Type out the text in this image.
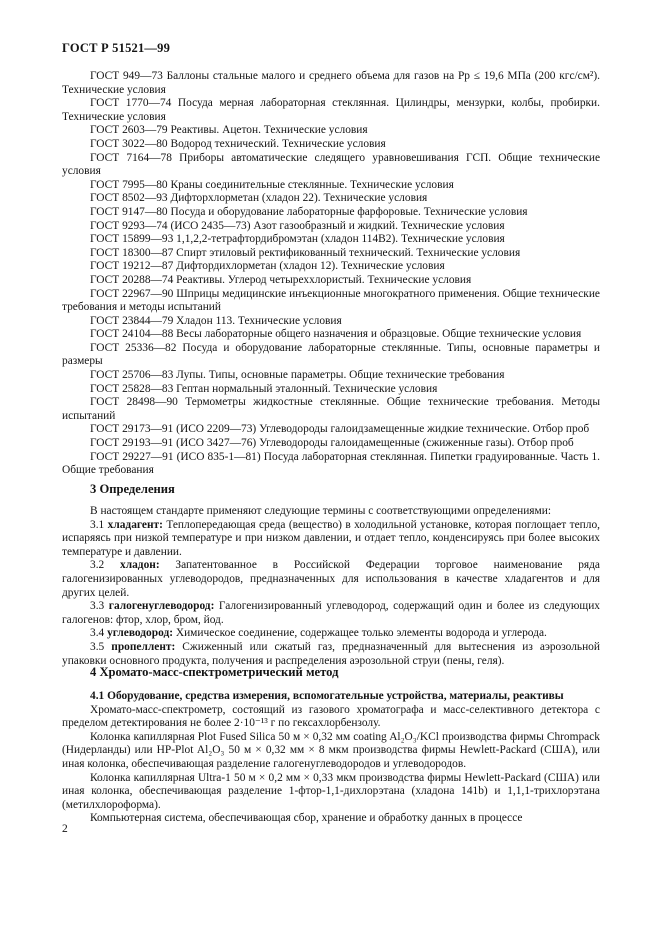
ГОСТ Р 51521—99

ГОСТ 949—73 Баллоны стальные малого и среднего объема для газов на Pр ≤ 19,6 МПа (200 кгс/см²). Технические условия

ГОСТ 1770—74 Посуда мерная лабораторная стеклянная. Цилиндры, мензурки, колбы, пробирки. Технические условия

ГОСТ 2603—79 Реактивы. Ацетон. Технические условия

ГОСТ 3022—80 Водород технический. Технические условия

ГОСТ 7164—78 Приборы автоматические следящего уравновешивания ГСП. Общие технические условия

ГОСТ 7995—80 Краны соединительные стеклянные. Технические условия

ГОСТ 8502—93 Дифторхлорметан (хладон 22). Технические условия

ГОСТ 9147—80 Посуда и оборудование лабораторные фарфоровые. Технические условия

ГОСТ 9293—74 (ИСО 2435—73) Азот газообразный и жидкий. Технические условия

ГОСТ 15899—93 1,1,2,2-тетрафтордибромэтан (хладон 114В2). Технические условия

ГОСТ 18300—87 Спирт этиловый ректификованный технический. Технические условия

ГОСТ 19212—87 Дифтордихлорметан (хладон 12). Технические условия

ГОСТ 20288—74 Реактивы. Углерод четыреххлористый. Технические условия

ГОСТ 22967—90 Шприцы медицинские инъекционные многократного применения. Общие технические требования и методы испытаний

ГОСТ 23844—79 Хладон 113. Технические условия

ГОСТ 24104—88 Весы лабораторные общего назначения и образцовые. Общие технические условия

ГОСТ 25336—82 Посуда и оборудование лабораторные стеклянные. Типы, основные параметры и размеры

ГОСТ 25706—83 Лупы. Типы, основные параметры. Общие технические требования

ГОСТ 25828—83 Гептан нормальный эталонный. Технические условия

ГОСТ 28498—90 Термометры жидкостные стеклянные. Общие технические требования. Методы испытаний

ГОСТ 29173—91 (ИСО 2209—73) Углеводороды галоидзамещенные жидкие технические. Отбор проб

ГОСТ 29193—91 (ИСО 3427—76) Углеводороды галоидамещенные (сжиженные газы). Отбор проб

ГОСТ 29227—91 (ИСО 835-1—81) Посуда лабораторная стеклянная. Пипетки градуированные. Часть 1. Общие требования

3 Определения

В настоящем стандарте применяют следующие термины с соответствующими определениями:

3.1 хладагент: Теплопередающая среда (вещество) в холодильной установке, которая поглощает тепло, испаряясь при низкой температуре и при низком давлении, и отдает тепло, конденсируясь при более высоких температуре и давлении.

3.2 хладон: Запатентованное в Российской Федерации торговое наименование ряда галогенизированных углеводородов, предназначенных для использования в качестве хладагентов и для других целей.

3.3 галогенуглеводород: Галогенизированный углеводород, содержащий один и более из следующих галогенов: фтор, хлор, бром, йод.

3.4 углеводород: Химическое соединение, содержащее только элементы водорода и углерода.

3.5 пропеллент: Сжиженный или сжатый газ, предназначенный для вытеснения из аэрозольной упаковки основного продукта, получения и распределения аэрозольной струи (пены, геля).

4 Хромато-масс-спектрометрический метод

4.1 Оборудование, средства измерения, вспомогательные устройства, материалы, реактивы

Хромато-масс-спектрометр, состоящий из газового хроматографа и масс-селективного детектора с пределом детектирования не более 2·10⁻¹³ г по гексахлорбензолу.

Колонка капиллярная Plot Fused Silica 50 м × 0,32 мм coating Al₂O₃/KCl производства фирмы Chrompack (Нидерланды) или HP-Plot Al₂O₃ 50 м × 0,32 мм × 8 мкм производства фирмы Hewlett-Packard (США), или иная колонка, обеспечивающая разделение галогенуглеводородов и углеводородов.

Колонка капиллярная Ultra-1 50 м × 0,2 мм × 0,33 мкм производства фирмы Hewlett-Packard (США) или иная колонка, обеспечивающая разделение 1-фтор-1,1-дихлорэтана (хладона 141b) и 1,1,1-трихлорэтана (метилхлороформа).

Компьютерная система, обеспечивающая сбор, хранение и обработку данных в процессе

2
